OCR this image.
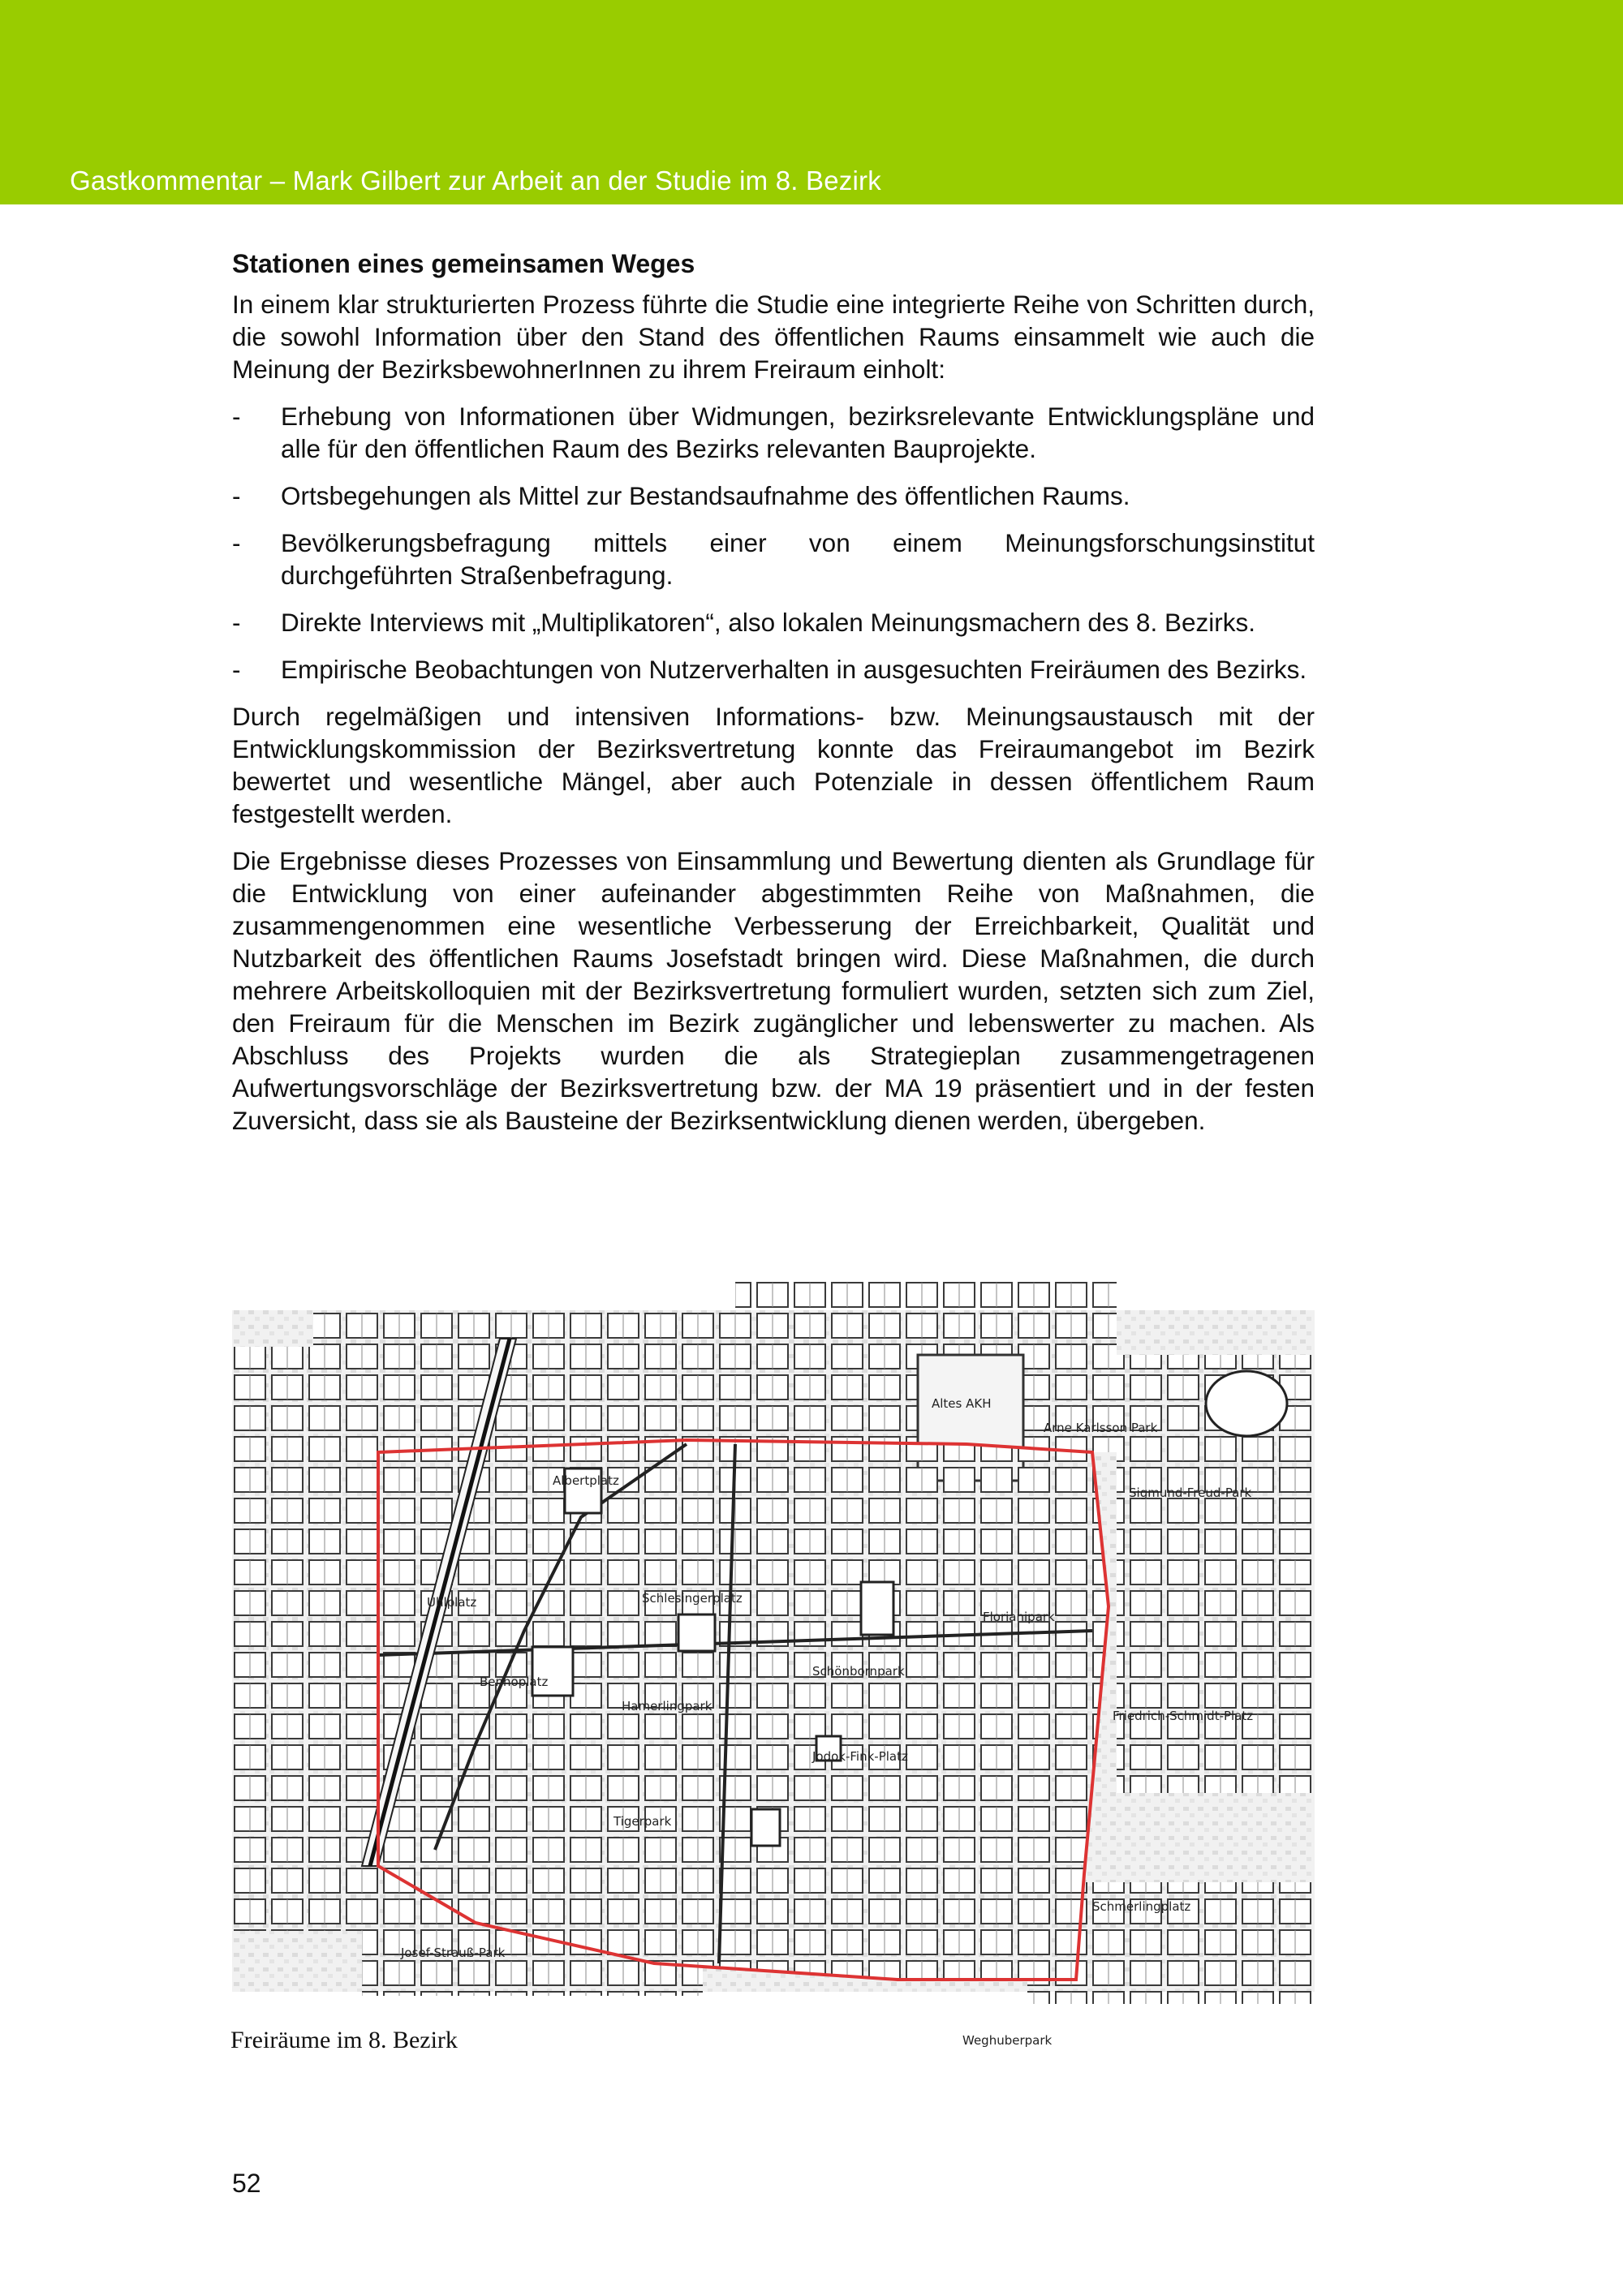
Gastkommentar – Mark Gilbert zur Arbeit an der Studie im 8. Bezirk
Stationen eines gemeinsamen Weges
In einem klar strukturierten Prozess führte die Studie eine integrierte Reihe von Schritten durch, die sowohl Information über den Stand des öffentlichen Raums einsammelt wie auch die Meinung der BezirksbewohnerInnen zu ihrem Freiraum einholt:
- Erhebung von Informationen über Widmungen, bezirksrelevante Entwicklungspläne und alle für den öffentlichen Raum des Bezirks relevanten Bauprojekte.
- Ortsbegehungen als Mittel zur Bestandsaufnahme des öffentlichen Raums.
- Bevölkerungsbefragung mittels einer von einem Meinungsforschungsinstitut durchgeführten Straßenbefragung.
- Direkte Interviews mit „Multiplikatoren“, also lokalen Meinungsmachern des 8. Bezirks.
- Empirische Beobachtungen von Nutzerverhalten in ausgesuchten Freiräumen des Bezirks.
Durch regelmäßigen und intensiven Informations- bzw. Meinungsaustausch mit der Entwicklungskommission der Bezirksvertretung konnte das Freiraumangebot im Bezirk bewertet und wesentliche Mängel, aber auch Potenziale in dessen öffentlichem Raum festgestellt werden.
Die Ergebnisse dieses Prozesses von Einsammlung und Bewertung dienten als Grundlage für die Entwicklung von einer aufeinander abgestimmten Reihe von Maßnahmen, die zusammengenommen eine wesentliche Verbesserung der Erreichbarkeit, Qualität und Nutzbarkeit des öffentlichen Raums Josefstadt bringen wird. Diese Maßnahmen, die durch mehrere Arbeitskolloquien mit der Bezirksvertretung formuliert wurden, setzten sich zum Ziel, den Freiraum für die Menschen im Bezirk zugänglicher und lebenswerter zu machen. Als Abschluss des Projekts wurden die als Strategieplan zusammengetragenen Aufwertungsvorschläge der Bezirksvertretung bzw. der MA 19 präsentiert und in der festen Zuversicht, dass sie als Bausteine der Bezirksentwicklung dienen werden, übergeben.
Altes AKH
Arne Karlsson Park
Sigmund-Freud-Park
Albertplatz
Uhlplatz	Schlesingerplatz
Florianipark
Schönbornpark
Bennoplatz
Hamerlingpark
Friedrich-Schmidt-Platz
Jodok-Fink-Platz
Tigerpark
Schmerlingplatz
Josef-Strauß-Park
Weghuberpark
Freiräume im 8. Bezirk
52
